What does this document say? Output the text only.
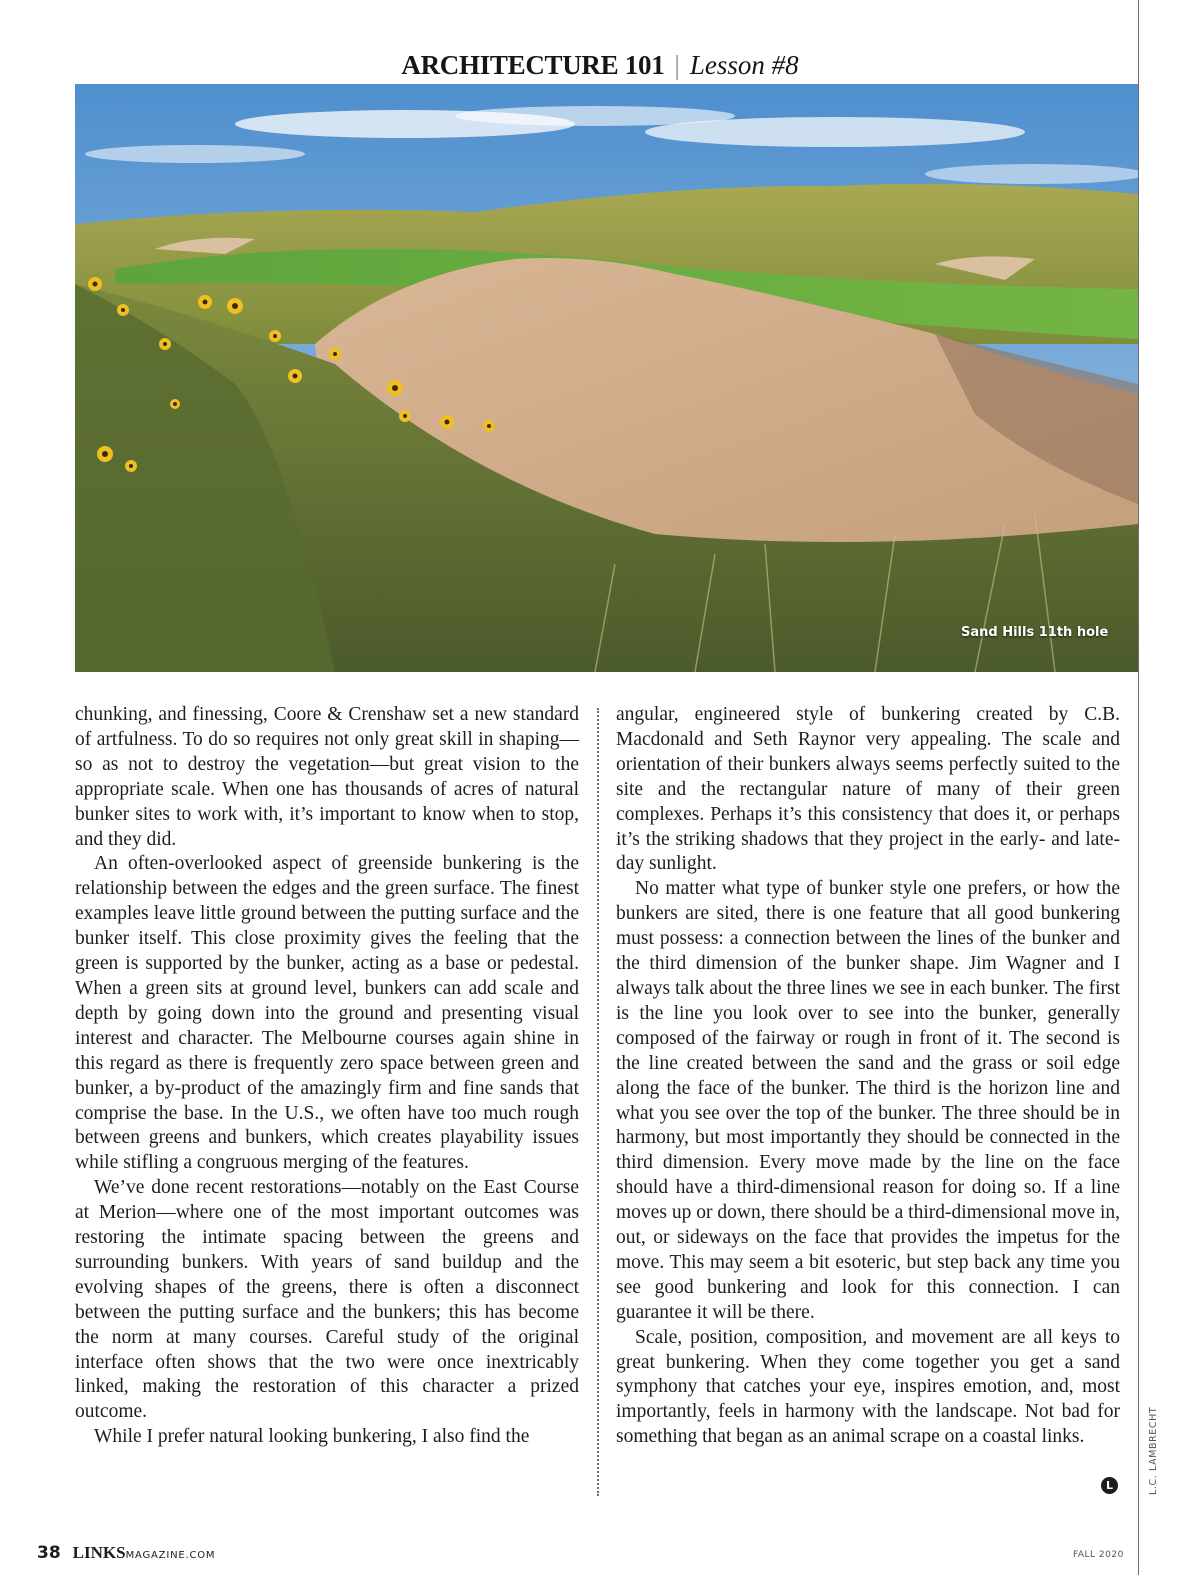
ARCHITECTURE 101 | Lesson #8
Sand Hills 11th hole

chunking, and finessing, Coore & Crenshaw set a new standard of artfulness. To do so requires not only great skill in shaping—so as not to destroy the vegetation—but great vision to the appropriate scale. When one has thousands of acres of natural bunker sites to work with, it’s important to know when to stop, and they did.

An often-overlooked aspect of greenside bunkering is the relationship between the edges and the green surface. The finest examples leave little ground between the putting surface and the bunker itself. This close proximity gives the feeling that the green is supported by the bunker, acting as a base or pedestal. When a green sits at ground level, bunkers can add scale and depth by going down into the ground and presenting visual interest and character. The Melbourne courses again shine in this regard as there is frequently zero space between green and bunker, a by-product of the amazingly firm and fine sands that comprise the base. In the U.S., we often have too much rough between greens and bunkers, which creates playability issues while stifling a congruous merging of the features.

We’ve done recent restorations—notably on the East Course at Merion—where one of the most important outcomes was restoring the intimate spacing between the greens and surrounding bunkers. With years of sand buildup and the evolving shapes of the greens, there is often a disconnect between the putting surface and the bunkers; this has become the norm at many courses. Careful study of the original interface often shows that the two were once inextricably linked, making the restoration of this character a prized outcome.

While I prefer natural looking bunkering, I also find the

angular, engineered style of bunkering created by C.B. Macdonald and Seth Raynor very appealing. The scale and orientation of their bunkers always seems perfectly suited to the site and the rectangular nature of many of their green complexes. Perhaps it’s this consistency that does it, or perhaps it’s the striking shadows that they project in the early- and late-day sunlight.

No matter what type of bunker style one prefers, or how the bunkers are sited, there is one feature that all good bunkering must possess: a connection between the lines of the bunker and the third dimension of the bunker shape. Jim Wagner and I always talk about the three lines we see in each bunker. The first is the line you look over to see into the bunker, generally composed of the fairway or rough in front of it. The second is the line created between the sand and the grass or soil edge along the face of the bunker. The third is the horizon line and what you see over the top of the bunker. The three should be in harmony, but most importantly they should be connected in the third dimension. Every move made by the line on the face should have a third-dimensional reason for doing so. If a line moves up or down, there should be a third-dimensional move in, out, or sideways on the face that provides the impetus for the move. This may seem a bit esoteric, but step back any time you see good bunkering and look for this connection. I can guarantee it will be there.

Scale, position, composition, and movement are all keys to great bunkering. When they come together you get a sand symphony that catches your eye, inspires emotion, and, most importantly, feels in harmony with the landscape. Not bad for something that began as an animal scrape on a coastal links.

L	L.C. LAMBRECHT
38 LINKSMAGAZINE.COM	FALL 2020
